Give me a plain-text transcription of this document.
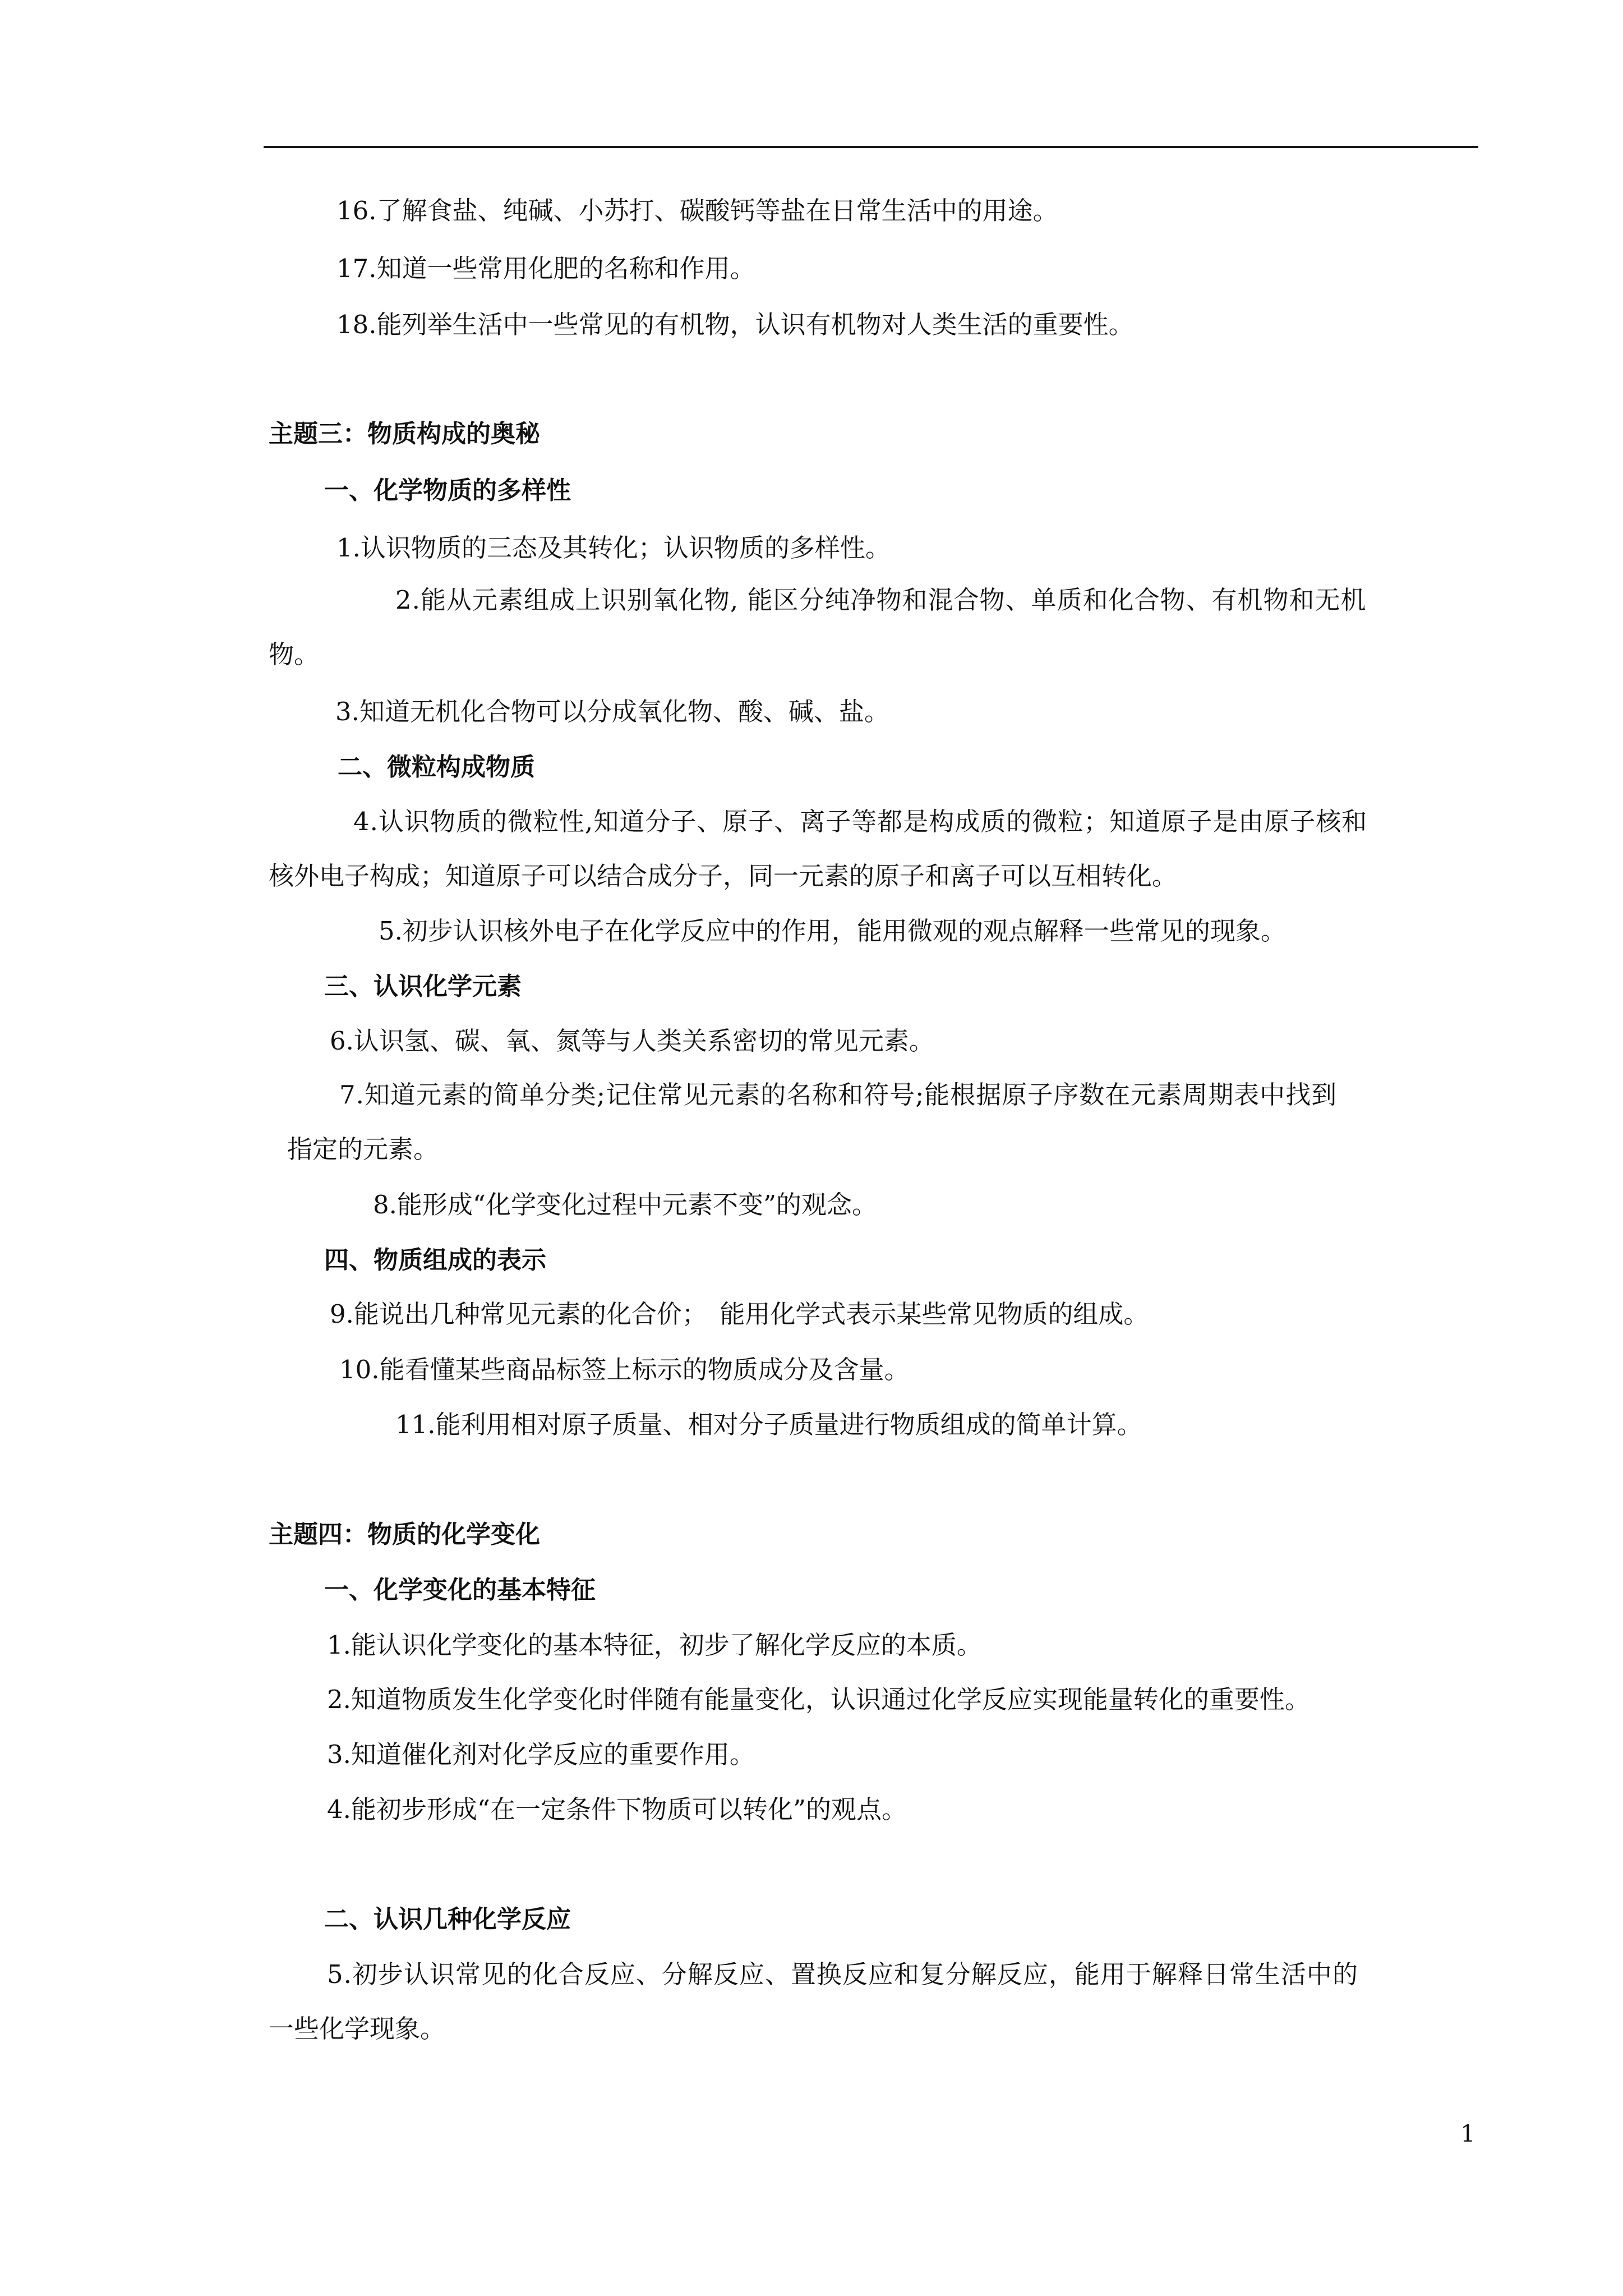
16.了解食盐、纯碱、小苏打、碳酸钙等盐在日常生活中的用途。

17.知道一些常用化肥的名称和作用。

18.能列举生活中一些常见的有机物，认识有机物对人类生活的重要性。

主题三：物质构成的奥秘

一、化学物质的多样性

1.认识物质的三态及其转化；认识物质的多样性。

2.能从元素组成上识别氧化物, 能区分纯净物和混合物、单质和化合物、有机物和无机

物。

3.知道无机化合物可以分成氧化物、酸、碱、盐。

二、微粒构成物质

4.认识物质的微粒性,知道分子、原子、离子等都是构成质的微粒；知道原子是由原子核和

核外电子构成；知道原子可以结合成分子，同一元素的原子和离子可以互相转化。

5.初步认识核外电子在化学反应中的作用，能用微观的观点解释一些常见的现象。

三、认识化学元素

6.认识氢、碳、氧、氮等与人类关系密切的常见元素。

7.知道元素的简单分类;记住常见元素的名称和符号;能根据原子序数在元素周期表中找到

指定的元素。

8.能形成“化学变化过程中元素不变”的观念。

四、物质组成的表示

9.能说出几种常见元素的化合价；　能用化学式表示某些常见物质的组成。

10.能看懂某些商品标签上标示的物质成分及含量。

11.能利用相对原子质量、相对分子质量进行物质组成的简单计算。

主题四：物质的化学变化

一、化学变化的基本特征

1.能认识化学变化的基本特征，初步了解化学反应的本质。

2.知道物质发生化学变化时伴随有能量变化，认识通过化学反应实现能量转化的重要性。

3.知道催化剂对化学反应的重要作用。

4.能初步形成“在一定条件下物质可以转化”的观点。

二、认识几种化学反应

5.初步认识常见的化合反应、分解反应、置换反应和复分解反应，能用于解释日常生活中的

一些化学现象。

1
